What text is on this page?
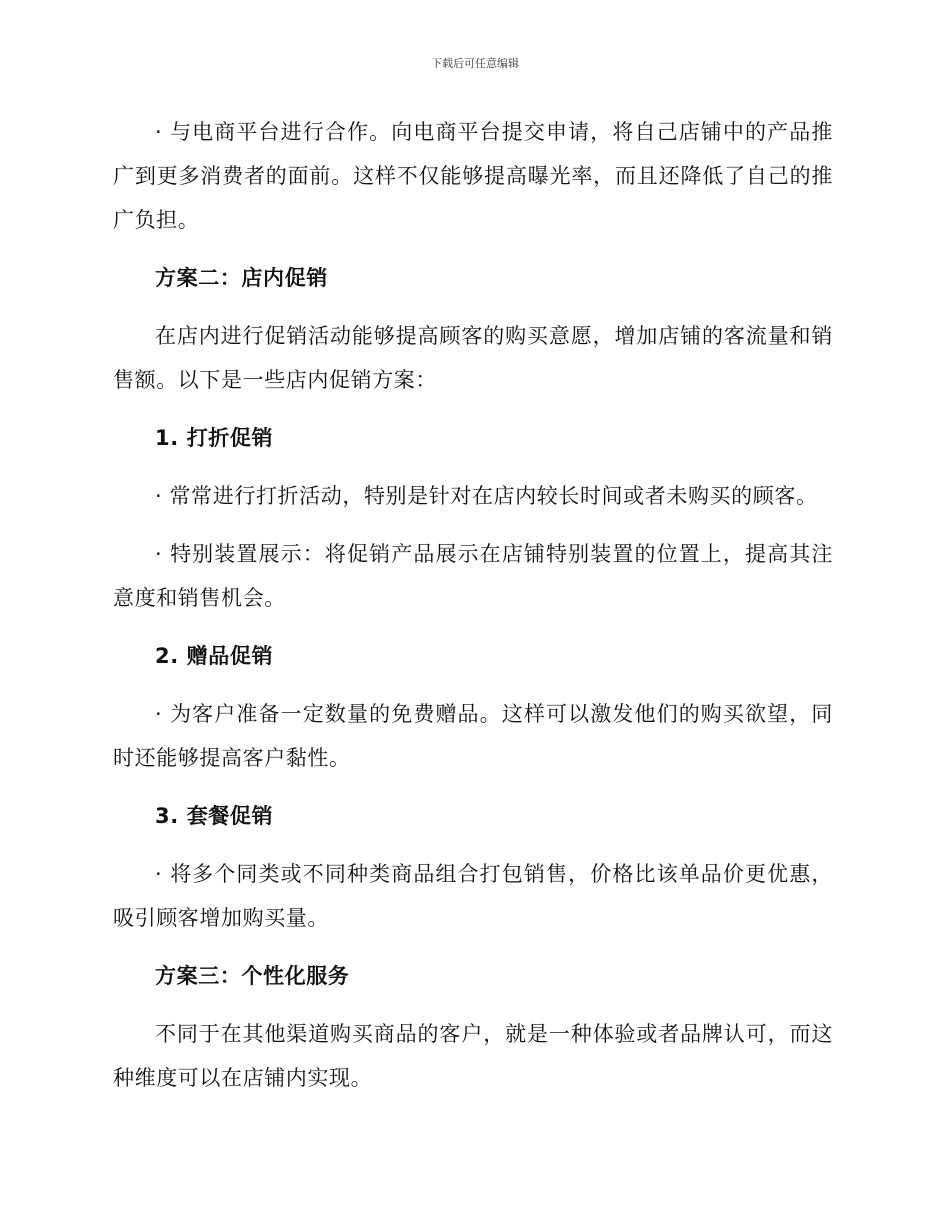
下载后可任意编辑

· 与电商平台进行合作。向电商平台提交申请，将自己店铺中的产品推广到更多消费者的面前。这样不仅能够提高曝光率，而且还降低了自己的推广负担。

方案二：店内促销

在店内进行促销活动能够提高顾客的购买意愿，增加店铺的客流量和销售额。以下是一些店内促销方案：

1. 打折促销

· 常常进行打折活动，特别是针对在店内较长时间或者未购买的顾客。

· 特别装置展示：将促销产品展示在店铺特别装置的位置上，提高其注意度和销售机会。

2. 赠品促销

· 为客户准备一定数量的免费赠品。这样可以激发他们的购买欲望，同时还能够提高客户黏性。

3. 套餐促销

· 将多个同类或不同种类商品组合打包销售，价格比该单品价更优惠，吸引顾客增加购买量。

方案三：个性化服务

不同于在其他渠道购买商品的客户，就是一种体验或者品牌认可，而这种维度可以在店铺内实现。
